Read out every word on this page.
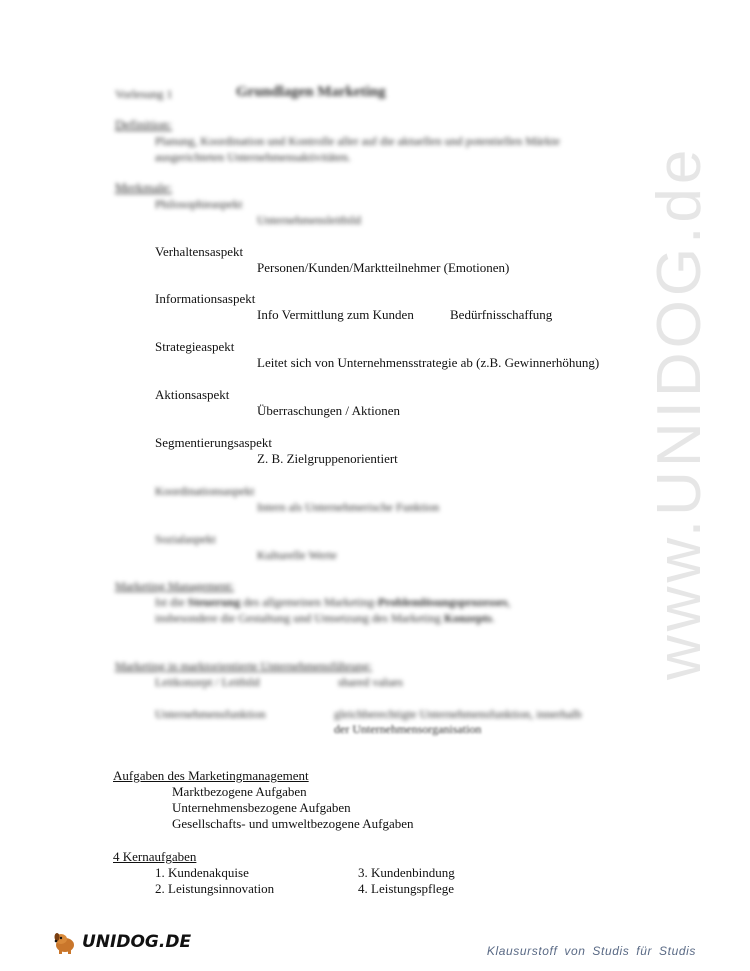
www.UNIDOG.de
Vorlesung 1	Grundlagen Marketing
Definition:
Planung, Koordination und Kontrolle aller auf die aktuellen und potentiellen Märkte
ausgerichteten Unternehmensaktivitäten.
Merkmale:
Philosophieaspekt
Unternehmensleitbild
Verhaltensaspekt
Personen/Kunden/Marktteilnehmer (Emotionen)
Informationsaspekt
Info Vermittlung zum Kunden	Bedürfnisschaffung
Strategieaspekt
Leitet sich von Unternehmensstrategie ab (z.B. Gewinnerhöhung)
Aktionsaspekt
Überraschungen / Aktionen
Segmentierungsaspekt
Z. B. Zielgruppenorientiert
Koordinationsaspekt
Intern als Unternehmerische Funktion
Sozialaspekt
Kulturelle Werte
Marketing Management:
Ist die Steuerung des allgemeinen Marketing-Problemlösungsprozesses,
insbesondere die Gestaltung und Umsetzung des Marketing Konzepts.
Marketing in marktorientierte Unternehmensführung:
Leitkonzept / Leitbild	shared values
Unternehmensfunktion	gleichberechtigte Unternehmensfunktion, innerhalb
der Unternehmensorganisation
Aufgaben des Marketingmanagement
Marktbezogene Aufgaben
Unternehmensbezogene Aufgaben
Gesellschafts- und umweltbezogene Aufgaben
4 Kernaufgaben
1. Kundenakquise	3. Kundenbindung
2. Leistungsinnovation	4. Leistungspflege
UNIDOG.DE	Klausurstoff von Studis für Studis
